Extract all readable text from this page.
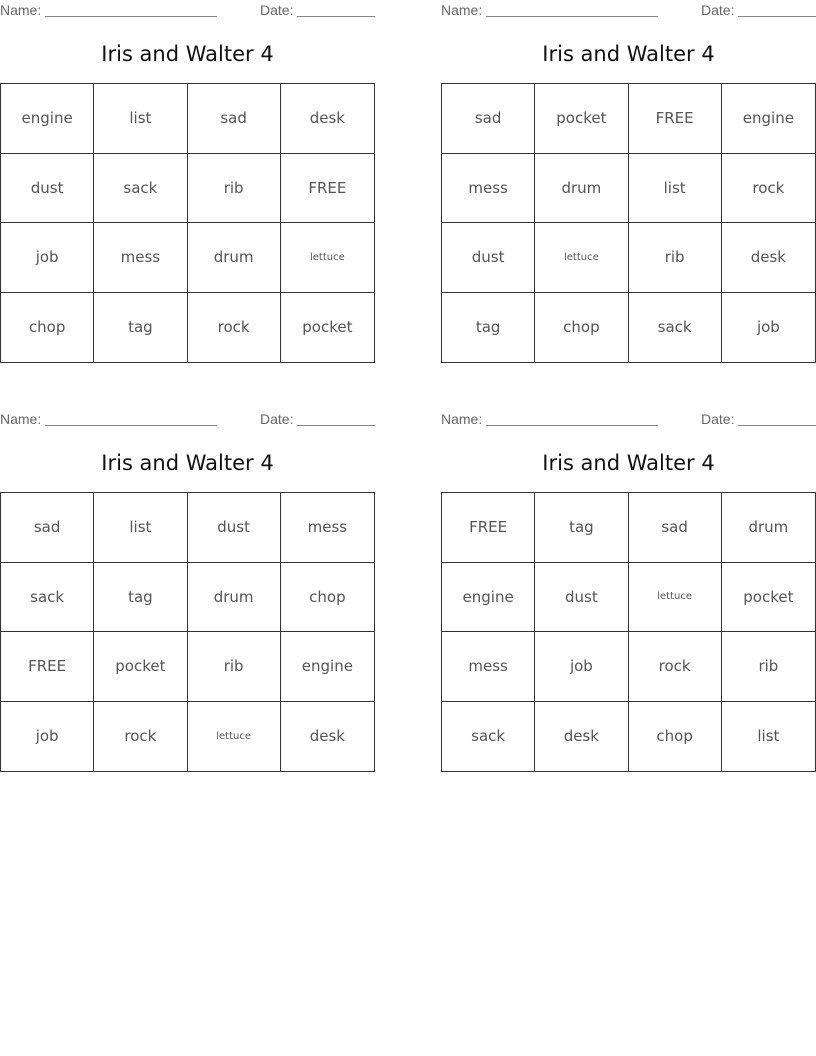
Name:	Date:
Iris and Walter 4
engine	list	sad	desk
dust	sack	rib	FREE
job	mess	drum	lettuce
chop	tag	rock	pocket
Name:	Date:
Iris and Walter 4
sad	pocket	FREE	engine
mess	drum	list	rock
dust	lettuce	rib	desk
tag	chop	sack	job
Name:	Date:
Iris and Walter 4
sad	list	dust	mess
sack	tag	drum	chop
FREE	pocket	rib	engine
job	rock	lettuce	desk
Name:	Date:
Iris and Walter 4
FREE	tag	sad	drum
engine	dust	lettuce	pocket
mess	job	rock	rib
sack	desk	chop	list
